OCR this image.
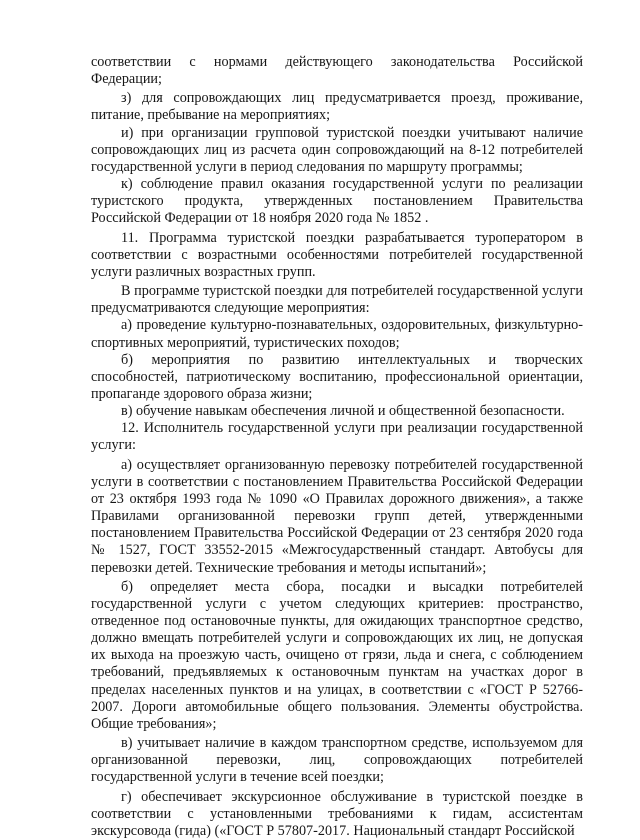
соответствии с нормами действующего законодательства Российской Федерации;

з) для сопровождающих лиц предусматривается проезд, проживание, питание, пребывание на мероприятиях;

и) при организации групповой туристской поездки учитывают наличие сопровождающих лиц из расчета один сопровождающий на 8-12 потребителей государственной услуги в период следования по маршруту программы;

к) соблюдение правил оказания государственной услуги по реализации туристского продукта, утвержденных постановлением Правительства Российской Федерации от 18 ноября 2020 года № 1852 .

11. Программа туристской поездки разрабатывается туроператором в соответствии с возрастными особенностями потребителей государственной услуги различных возрастных групп.

В программе туристской поездки для потребителей государственной услуги предусматриваются следующие мероприятия:

а) проведение культурно-познавательных, оздоровительных, физкультурно-спортивных мероприятий, туристических походов;

б) мероприятия по развитию интеллектуальных и творческих способностей, патриотическому воспитанию, профессиональной ориентации, пропаганде здорового образа жизни;

в) обучение навыкам обеспечения личной и общественной безопасности.

12. Исполнитель государственной услуги при реализации государственной услуги:

а) осуществляет организованную перевозку потребителей государственной услуги в соответствии с постановлением Правительства Российской Федерации от 23 октября 1993 года № 1090 «О Правилах дорожного движения», а также Правилами организованной перевозки групп детей, утвержденными постановлением Правительства Российской Федерации от 23 сентября 2020 года № 1527, ГОСТ 33552-2015 «Межгосударственный стандарт. Автобусы для перевозки детей. Технические требования и методы испытаний»;

б) определяет места сбора, посадки и высадки потребителей государственной услуги с учетом следующих критериев: пространство, отведенное под остановочные пункты, для ожидающих транспортное средство, должно вмещать потребителей услуги и сопровождающих их лиц, не допуская их выхода на проезжую часть, очищено от грязи, льда и снега, с соблюдением требований, предъявляемых к остановочным пунктам на участках дорог в пределах населенных пунктов и на улицах, в соответствии с «ГОСТ Р 52766-2007. Дороги автомобильные общего пользования. Элементы обустройства. Общие требования»;

в) учитывает наличие в каждом транспортном средстве, используемом для организованной перевозки, лиц, сопровождающих потребителей государственной услуги в течение всей поездки;

г) обеспечивает экскурсионное обслуживание в туристской поездке в соответствии с установленными требованиями к гидам, ассистентам экскурсовода (гида) («ГОСТ Р 57807-2017. Национальный стандарт Российской
